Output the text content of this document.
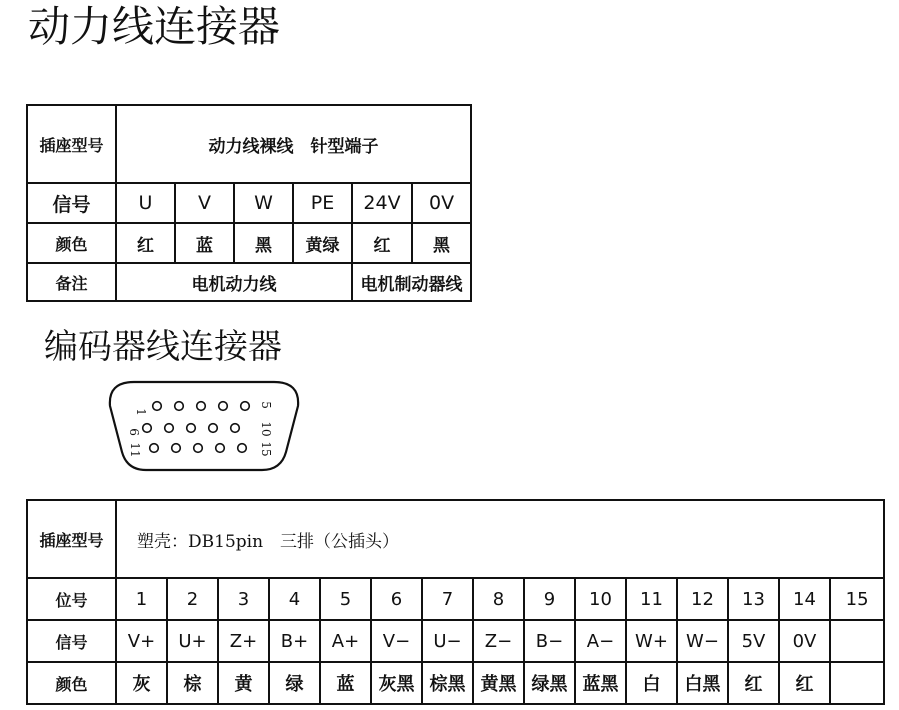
动力线连接器
插座型号	动力线裸线　针型端子					
信号	U	V	W	PE	24V	0V
颜色	红	蓝	黑	黄绿	红	黑
备注	电机动力线				电机制动器线	
编码器线连接器
1
5
6	10
11	15
插座型号	塑壳：DB15pin　三排（公插头）														
位号	1	2	3	4	5	6	7	8	9	10	11	12	13	14	15
信号	V+	U+	Z+	B+	A+	V−	U−	Z−	B−	A−	W+	W−	5V	0V	
颜色	灰	棕	黄	绿	蓝	灰黑	棕黑	黄黑	绿黑	蓝黑	白	白黑	红	红	
